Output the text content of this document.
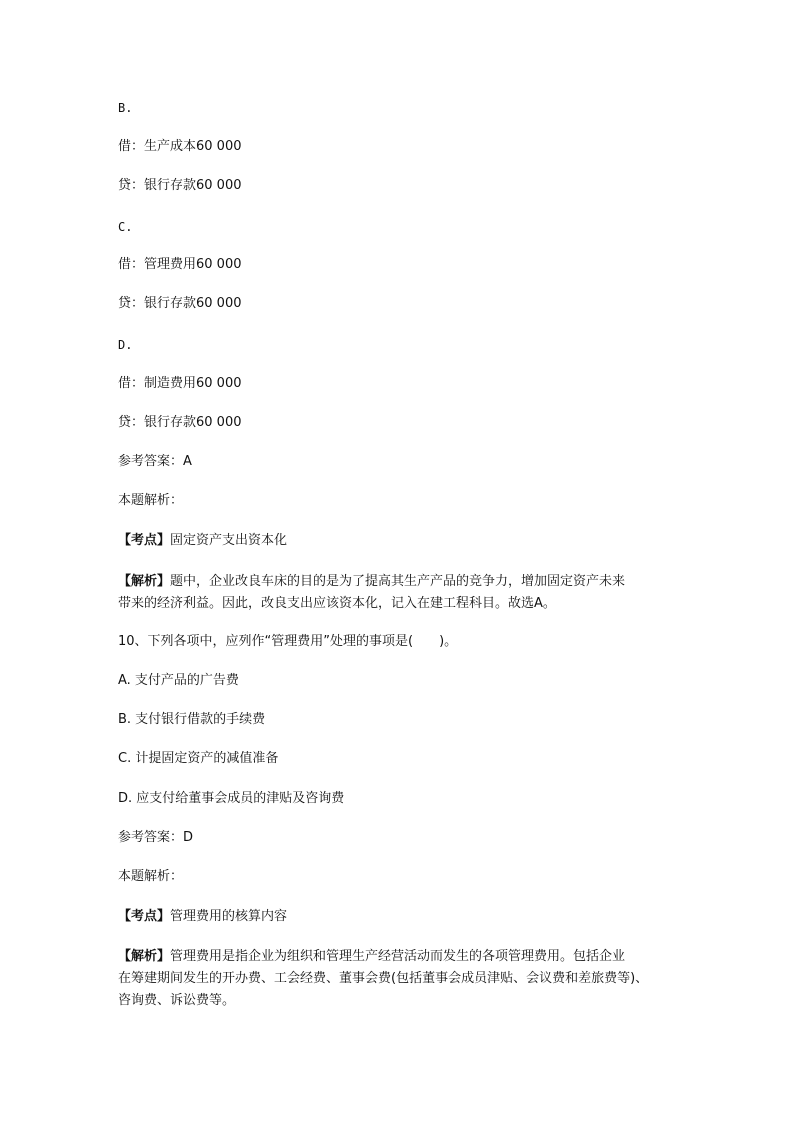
B.
借：生产成本60 000
贷：银行存款60 000
C.
借：管理费用60 000
贷：银行存款60 000
D.
借：制造费用60 000
贷：银行存款60 000
参考答案：A
本题解析：
【考点】固定资产支出资本化
【解析】题中，企业改良车床的目的是为了提高其生产产品的竞争力，增加固定资产未来
带来的经济利益。因此，改良支出应该资本化，记入在建工程科目。故选A。
10、下列各项中，应列作“管理费用”处理的事项是(　　)。
A. 支付产品的广告费
B. 支付银行借款的手续费
C. 计提固定资产的减值准备
D. 应支付给董事会成员的津贴及咨询费
参考答案：D
本题解析：
【考点】管理费用的核算内容
【解析】管理费用是指企业为组织和管理生产经营活动而发生的各项管理费用。包括企业
在筹建期间发生的开办费、工会经费、董事会费(包括董事会成员津贴、会议费和差旅费等)、
咨询费、诉讼费等。
